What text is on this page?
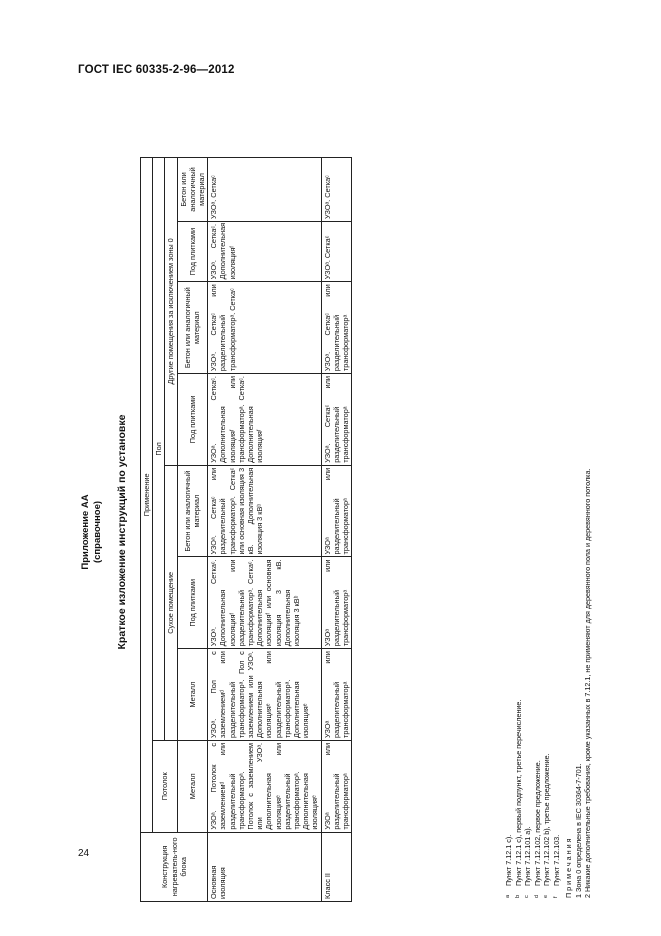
ГОСТ IEC 60335-2-96—2012
24
Приложение АА (справочное) Краткое изложение инструкций по установке
Конструкция нагреватель-ного блока	Применение							
	Потолок	Пол						
		Сухое помещение			Другие помещения за исключением зоны 0			
	Металл	Металл	Под плитками	Бетон или аналогичный материал	Под плитками	Бетон или аналогичный материал	Под плитками	Бетон или аналогичный материал
Основная изоляция	УЗОᵃ. Потолок с заземлениемᵈ или разделительный трансформаторᵃ. Потолок с заземлением или УЗОᵃ. Дополнительная изоляцияᵉ или разделительный трансформаторᵃ. Дополнительная изоляцияᵉ	УЗОᵃ. Пол с заземлениемᵈ или разделительный трансформаторᵃ. Пол с заземлением или УЗОᵃ. Дополнительная изоляцияᵉ или разделительный трансформаторᵃ. Дополнительная изоляцияᵉ	УЗОᵃ. Сеткаᶜ. Дополнительная изоляцияᶠ или разделительный трансформаторᵃ. Сеткаᶜ. Дополнительная изоляцияᶠ или основная изоляция 3 кВ. Дополнительная изоляция 3 кВᵇ	УЗОᵃ. Сеткаᶜ или разделительный трансформаторᵃ. Сеткаᶜ или основная изоляция 3 кВ. Дополнительная изоляция 3 кВᵇ	УЗОᵃ. Сеткаᶜ. Дополнительная изоляцияᶠ или трансформаторᵃ. Сеткаᶜ. Дополнительная изоляцияᶠ	УЗОᵃ. Сеткаᶜ или разделительный трансформаторᵃ. Сеткаᶜ	УЗОᵃ. Сеткаᶜ. Дополнительная изоляцияᶠ	УЗОᵃ. Сеткаᶜ
Класс II	УЗОᵃ или разделительный трансформаторᵃ	УЗОᵃ или разделительный трансформаторᵃ	УЗОᵃ или разделительный трансформаторᵃ	УЗОᵃ или разделительный трансформаторᵃ	УЗОᵃ. Сеткаᶜ или разделительный трансформаторᵃ	УЗОᵃ. Сеткаᶜ или разделительный трансформаторᵃ	УЗОᵃ. Сеткаᶜ	УЗОᵃ. Сеткаᶜ
aПункт 7.12.1 с).
bПункт 7.12.1 с), первый подпункт, третье перечисление.
cПункт 7.12.101 a).
dПункт 7.12.102, первое предложение.
eПункт 7.12.102 b), третье предложение.
fПункт 7.12.103. Примечания 1 Зона 0 определена в IEC 30364-7-701. 2 Никакие дополнительные требования, кроме указанных в 7.12.1, не применяют для деревянного пола и деревянного потолка.
